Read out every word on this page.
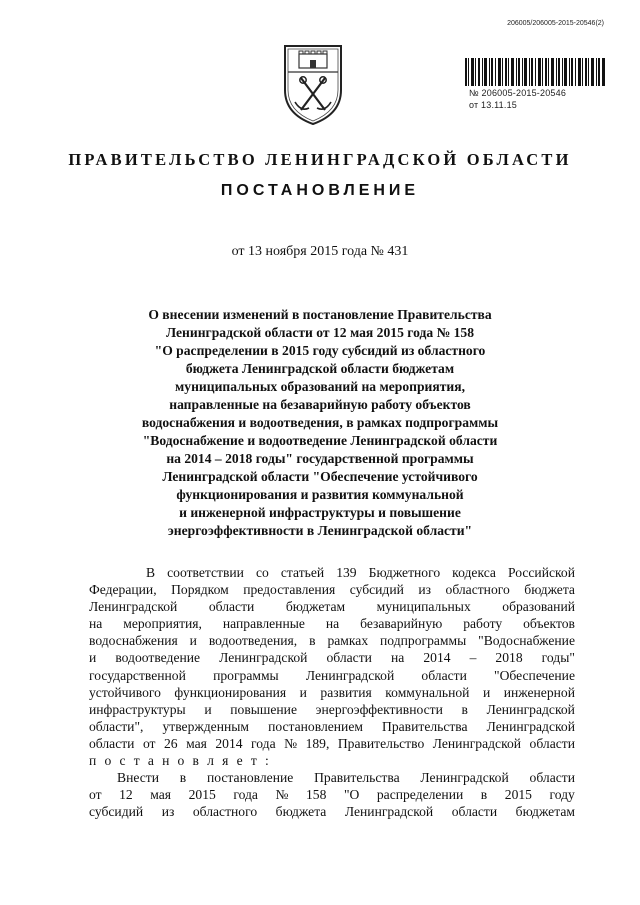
206005/206005-2015-20546(2)
№ 206005-2015-20546
от 13.11.15
ПРАВИТЕЛЬСТВО ЛЕНИНГРАДСКОЙ ОБЛАСТИ
ПОСТАНОВЛЕНИЕ
от 13 ноября 2015 года № 431
О внесении изменений в постановление Правительства
Ленинградской области от 12 мая 2015 года № 158
"О распределении в 2015 году субсидий из областного
бюджета Ленинградской области бюджетам
муниципальных образований на мероприятия,
направленные на безаварийную работу объектов
водоснабжения и водоотведения, в рамках подпрограммы
"Водоснабжение и водоотведение Ленинградской области
на 2014 – 2018 годы" государственной программы
Ленинградской области "Обеспечение устойчивого
функционирования и развития коммунальной
и инженерной инфраструктуры и повышение
энергоэффективности в Ленинградской области"
В соответствии со статьей 139 Бюджетного кодекса Российской
Федерации, Порядком предоставления субсидий из областного бюджета
Ленинградской области бюджетам муниципальных образований
на мероприятия, направленные на безаварийную работу объектов
водоснабжения и водоотведения, в рамках подпрограммы "Водоснабжение
и водоотведение Ленинградской области на 2014 – 2018 годы"
государственной программы Ленинградской области "Обеспечение
устойчивого функционирования и развития коммунальной и инженерной
инфраструктуры и повышение энергоэффективности в Ленинградской
области", утвержденным постановлением Правительства Ленинградской
области от 26 мая 2014 года № 189, Правительство Ленинградской области
п о с т а н о в л я е т :
Внести в постановление Правительства Ленинградской области
от 12 мая 2015 года № 158 "О распределении в 2015 году
субсидий из областного бюджета Ленинградской области бюджетам
